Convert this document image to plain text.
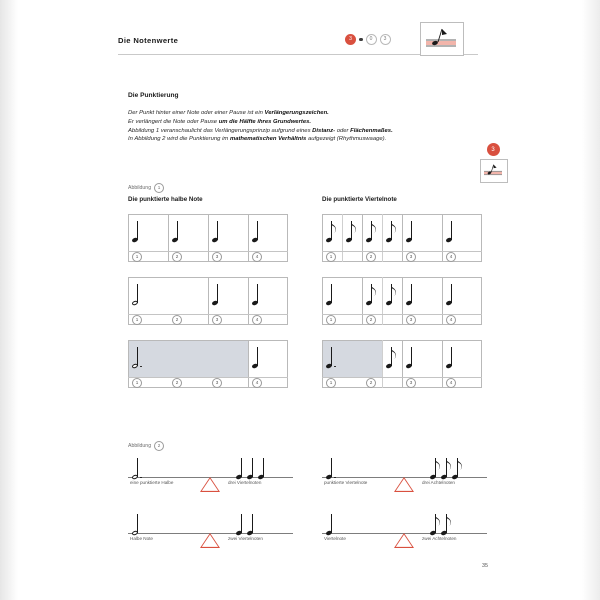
Die Notenwerte	3	0	3
3
Die Punktierung

Der Punkt hinter einer Note oder einer Pause ist ein Verlängerungszeichen.

Er verlängert die Note oder Pause um die Hälfte ihres Grundwertes.

Abbildung 1 veranschaulicht das Verlängerungsprinzip aufgrund eines Distanz- oder Flächenmaßes.

In Abbildung 2 wird die Punktierung im mathematischen Verhältnis aufgezeigt (Rhythmuswaage).

Abbildung	1
Die punktierte halbe Note	Die punktierte Viertelnote
1	2	3	4
1	2	3	4
1	2	3	4
1	2	3	4
1	2	3	4
1	2	3	4
Abbildung	2
eine punktierte Halbe	drei Viertelnoten
Halbe Note	zwei Viertelnoten
punktierte Viertelnote	drei Achtelnoten
Viertelnote	zwei Achtelnoten
35
